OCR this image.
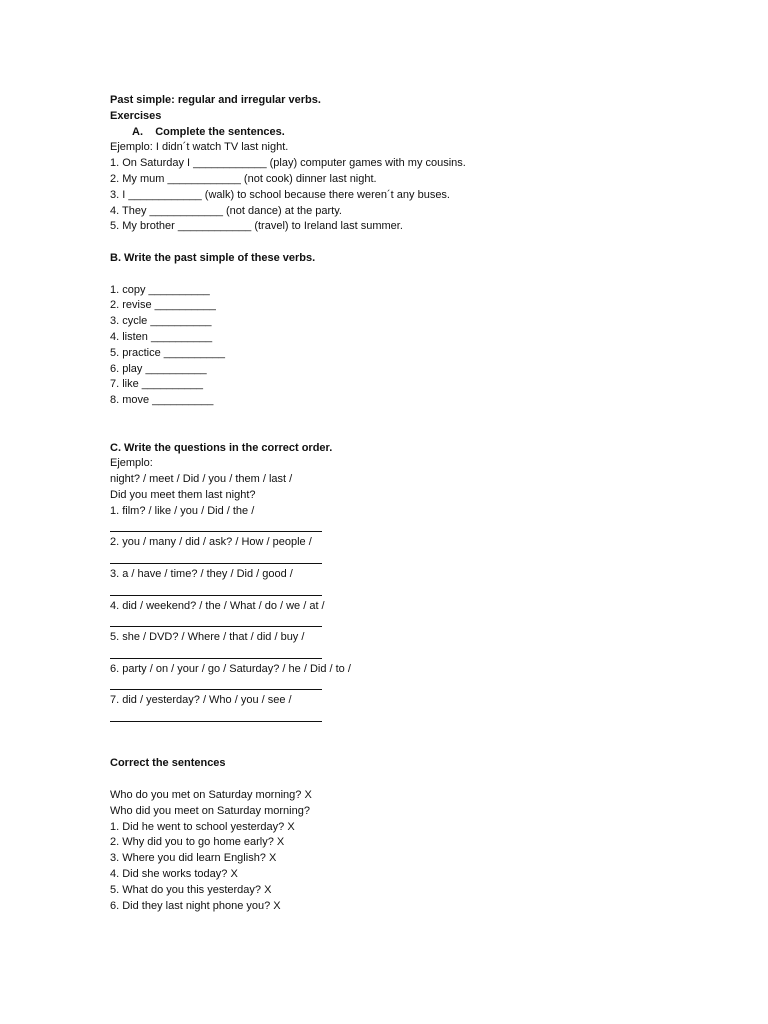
Past simple: regular and irregular verbs.
Exercises
A. Complete the sentences.
Ejemplo: I didn´t watch TV last night.
1. On Saturday I ____________ (play) computer games with my cousins.
2. My mum ____________ (not cook) dinner last night.
3. I ____________ (walk) to school because there weren´t any buses.
4. They ____________ (not dance) at the party.
5. My brother ____________ (travel) to Ireland last summer.
B. Write the past simple of these verbs.
1. copy __________
2. revise __________
3. cycle __________
4. listen __________
5. practice __________
6. play __________
7. like __________
8. move __________
C. Write the questions in the correct order.
Ejemplo:
night? / meet / Did / you / them / last /
Did you meet them last night?
1. film? / like / you / Did / the /
2. you / many / did / ask? / How / people /
3. a / have / time? / they / Did / good /
4. did / weekend? / the / What / do / we / at /
5. she / DVD? / Where / that / did / buy /
6. party / on / your / go / Saturday? / he / Did / to /
7. did / yesterday? / Who / you / see /
Correct the sentences
Who do you met on Saturday morning? X
Who did you meet on Saturday morning?
1. Did he went to school yesterday? X
2. Why did you to go home early? X
3. Where you did learn English? X
4. Did she works today? X
5. What do you this yesterday? X
6. Did they last night phone you? X
